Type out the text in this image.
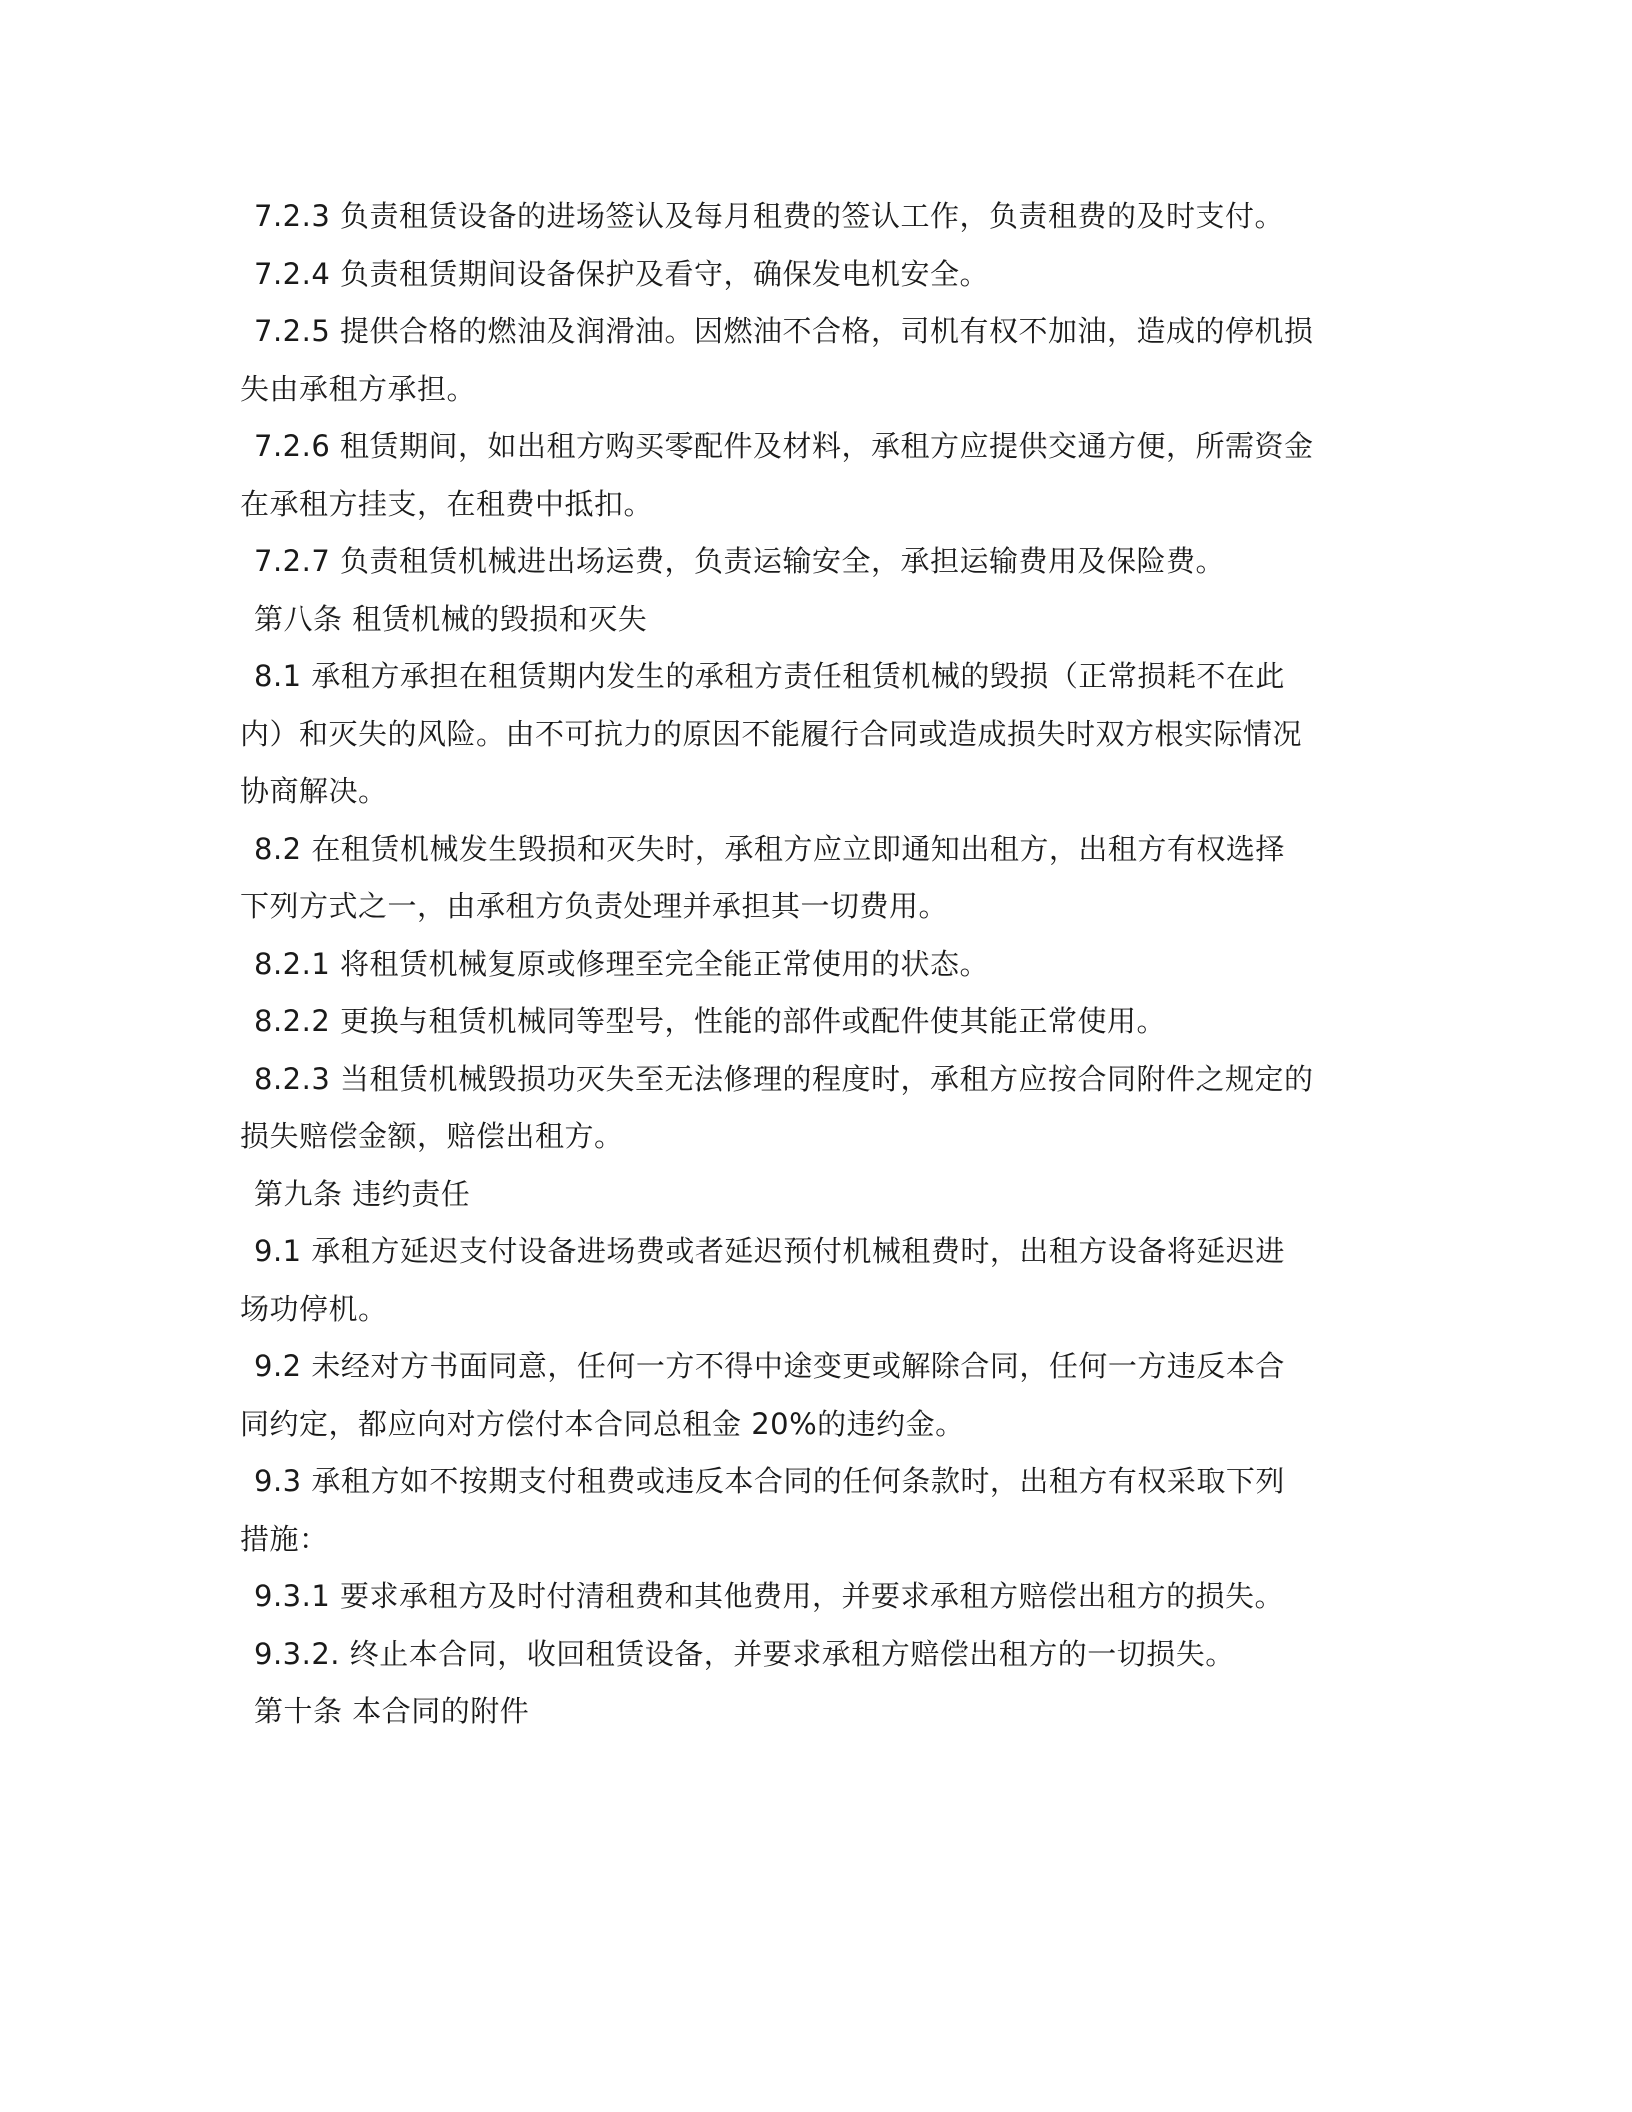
7.2.3 负责租赁设备的进场签认及每月租费的签认工作，负责租费的及时支付。
7.2.4 负责租赁期间设备保护及看守，确保发电机安全。
7.2.5 提供合格的燃油及润滑油。因燃油不合格，司机有权不加油，造成的停机损
失由承租方承担。
7.2.6 租赁期间，如出租方购买零配件及材料，承租方应提供交通方便，所需资金
在承租方挂支，在租费中抵扣。
7.2.7 负责租赁机械进出场运费，负责运输安全，承担运输费用及保险费。
第八条 租赁机械的毁损和灭失
8.1 承租方承担在租赁期内发生的承租方责任租赁机械的毁损（正常损耗不在此
内）和灭失的风险。由不可抗力的原因不能履行合同或造成损失时双方根实际情况
协商解决。
8.2 在租赁机械发生毁损和灭失时，承租方应立即通知出租方，出租方有权选择
下列方式之一，由承租方负责处理并承担其一切费用。
8.2.1 将租赁机械复原或修理至完全能正常使用的状态。
8.2.2 更换与租赁机械同等型号，性能的部件或配件使其能正常使用。
8.2.3 当租赁机械毁损功灭失至无法修理的程度时，承租方应按合同附件之规定的
损失赔偿金额，赔偿出租方。
第九条 违约责任
9.1 承租方延迟支付设备进场费或者延迟预付机械租费时，出租方设备将延迟进
场功停机。
9.2 未经对方书面同意，任何一方不得中途变更或解除合同，任何一方违反本合
同约定，都应向对方偿付本合同总租金 20%的违约金。
9.3 承租方如不按期支付租费或违反本合同的任何条款时，出租方有权采取下列
措施：
9.3.1 要求承租方及时付清租费和其他费用，并要求承租方赔偿出租方的损失。
9.3.2. 终止本合同，收回租赁设备，并要求承租方赔偿出租方的一切损失。
第十条 本合同的附件
